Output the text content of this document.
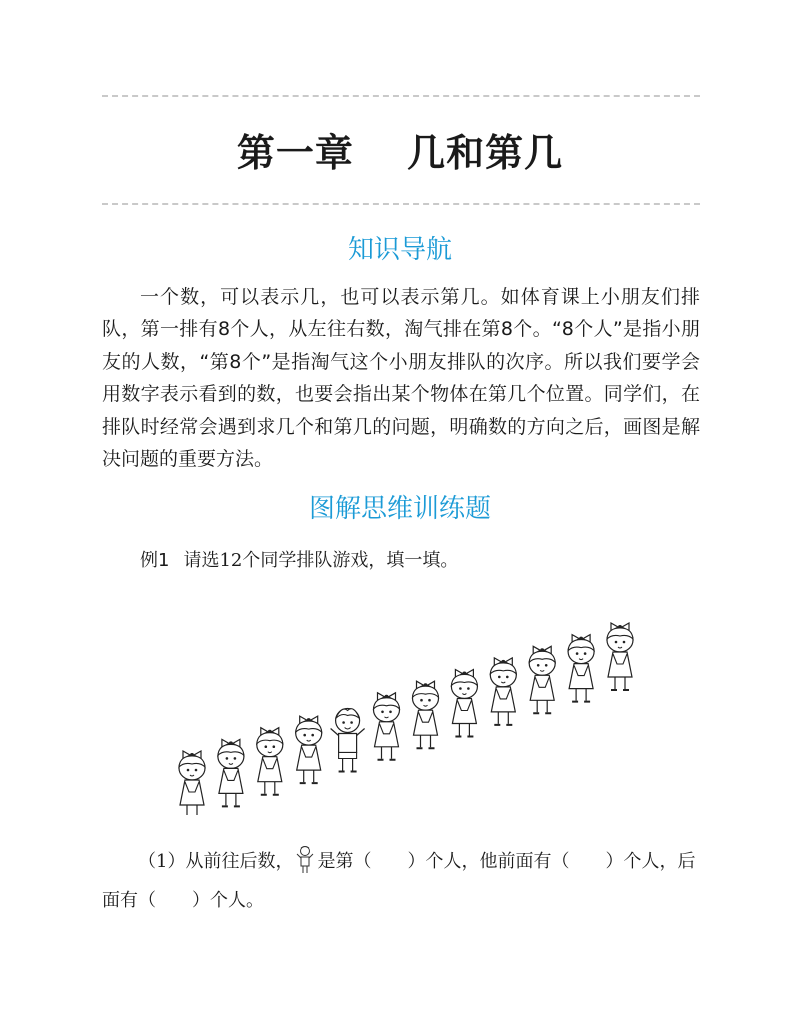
第一章　 几和第几
知识导航
一个数，可以表示几，也可以表示第几。如体育课上小朋友们排队，第一排有8个人，从左往右数，淘气排在第8个。“8个人”是指小朋友的人数，“第8个”是指淘气这个小朋友排队的次序。所以我们要学会用数字表示看到的数，也要会指出某个物体在第几个位置。同学们，在排队时经常会遇到求几个和第几的问题，明确数的方向之后，画图是解决问题的重要方法。
图解思维训练题
例1 请选12个同学排队游戏，填一填。
（1）从前往后数， 是第（　　 ）个人，他前面有（　　 ）个人，后面有（　　 ）个人。
